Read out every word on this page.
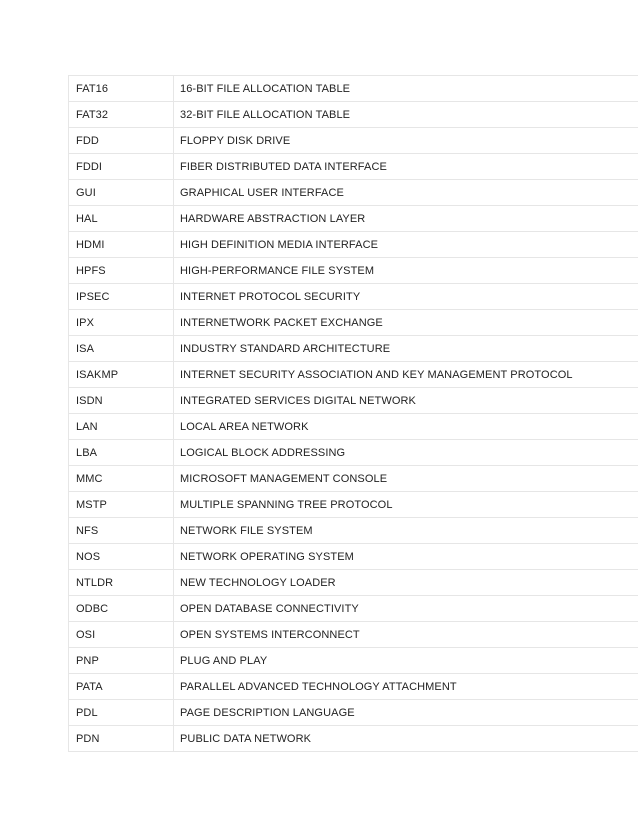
FAT16	16-BIT FILE ALLOCATION TABLE
FAT32	32-BIT FILE ALLOCATION TABLE
FDD	FLOPPY DISK DRIVE
FDDI	FIBER DISTRIBUTED DATA INTERFACE
GUI	GRAPHICAL USER INTERFACE
HAL	HARDWARE ABSTRACTION LAYER
HDMI	HIGH DEFINITION MEDIA INTERFACE
HPFS	HIGH-PERFORMANCE FILE SYSTEM
IPSEC	INTERNET PROTOCOL SECURITY
IPX	INTERNETWORK PACKET EXCHANGE
ISA	INDUSTRY STANDARD ARCHITECTURE
ISAKMP	INTERNET SECURITY ASSOCIATION AND KEY MANAGEMENT PROTOCOL
ISDN	INTEGRATED SERVICES DIGITAL NETWORK
LAN	LOCAL AREA NETWORK
LBA	LOGICAL BLOCK ADDRESSING
MMC	MICROSOFT MANAGEMENT CONSOLE
MSTP	MULTIPLE SPANNING TREE PROTOCOL
NFS	NETWORK FILE SYSTEM
NOS	NETWORK OPERATING SYSTEM
NTLDR	NEW TECHNOLOGY LOADER
ODBC	OPEN DATABASE CONNECTIVITY
OSI	OPEN SYSTEMS INTERCONNECT
PNP	PLUG AND PLAY
PATA	PARALLEL ADVANCED TECHNOLOGY ATTACHMENT
PDL	PAGE DESCRIPTION LANGUAGE
PDN	PUBLIC DATA NETWORK
